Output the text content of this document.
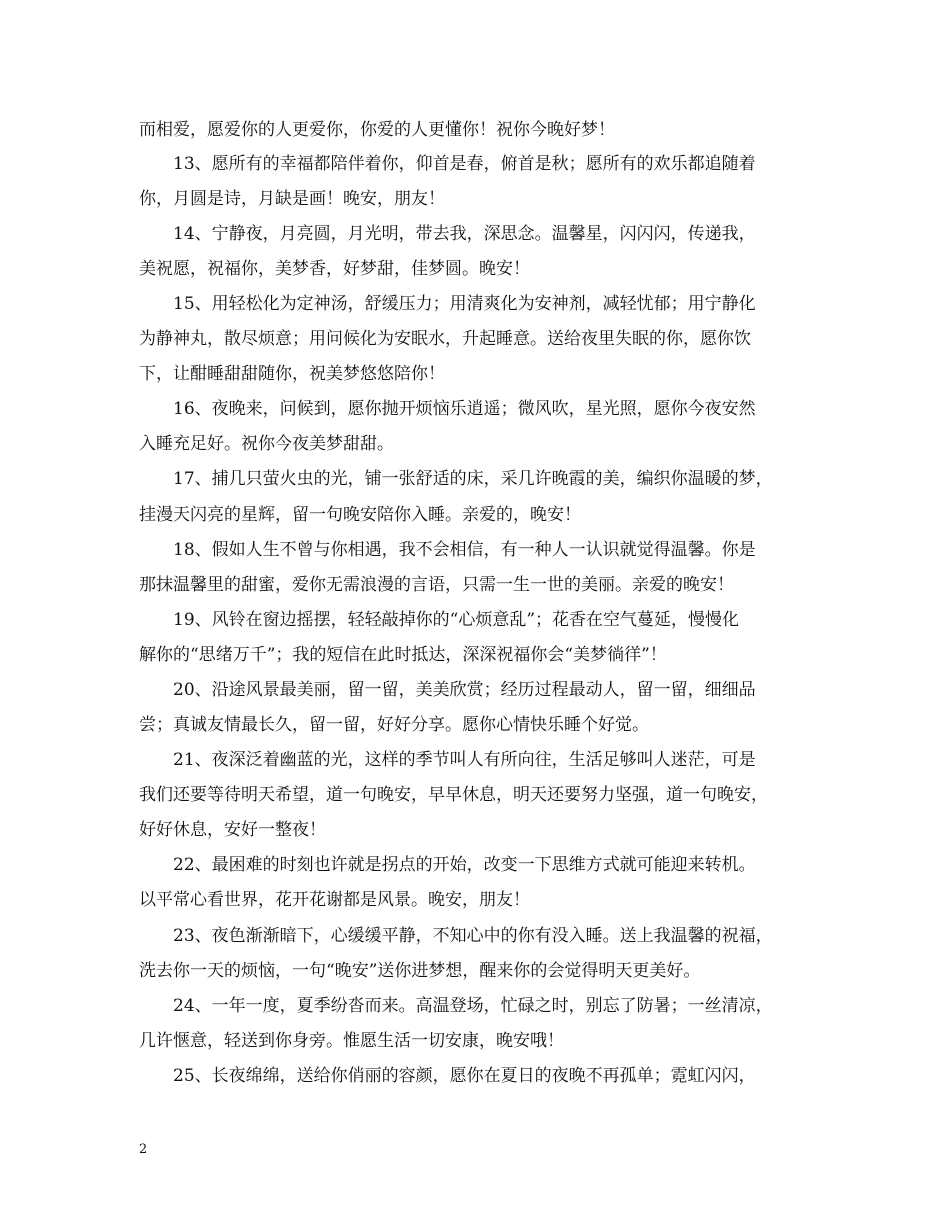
而相爱，愿爱你的人更爱你，你爱的人更懂你！祝你今晚好梦！
13、愿所有的幸福都陪伴着你，仰首是春，俯首是秋；愿所有的欢乐都追随着
你，月圆是诗，月缺是画！晚安，朋友！
14、宁静夜，月亮圆，月光明，带去我，深思念。温馨星，闪闪闪，传递我，
美祝愿，祝福你，美梦香，好梦甜，佳梦圆。晚安！
15、用轻松化为定神汤，舒缓压力；用清爽化为安神剂，减轻忧郁；用宁静化
为静神丸，散尽烦意；用问候化为安眠水，升起睡意。送给夜里失眠的你，愿你饮
下，让酣睡甜甜随你，祝美梦悠悠陪你！
16、夜晚来，问候到，愿你抛开烦恼乐逍遥；微风吹，星光照，愿你今夜安然
入睡充足好。祝你今夜美梦甜甜。
17、捕几只萤火虫的光，铺一张舒适的床，采几许晚霞的美，编织你温暖的梦，
挂漫天闪亮的星辉，留一句晚安陪你入睡。亲爱的，晚安！
18、假如人生不曾与你相遇，我不会相信，有一种人一认识就觉得温馨。你是
那抹温馨里的甜蜜，爱你无需浪漫的言语，只需一生一世的美丽。亲爱的晚安！
19、风铃在窗边摇摆，轻轻敲掉你的“心烦意乱”；花香在空气蔓延，慢慢化
解你的“思绪万千”；我的短信在此时抵达，深深祝福你会“美梦徜徉”！
20、沿途风景最美丽，留一留，美美欣赏；经历过程最动人，留一留，细细品
尝；真诚友情最长久，留一留，好好分享。愿你心情快乐睡个好觉。
21、夜深泛着幽蓝的光，这样的季节叫人有所向往，生活足够叫人迷茫，可是
我们还要等待明天希望，道一句晚安，早早休息，明天还要努力坚强，道一句晚安，
好好休息，安好一整夜！
22、最困难的时刻也许就是拐点的开始，改变一下思维方式就可能迎来转机。
以平常心看世界，花开花谢都是风景。晚安，朋友！
23、夜色渐渐暗下，心缓缓平静，不知心中的你有没入睡。送上我温馨的祝福，
洗去你一天的烦恼，一句“晚安”送你进梦想，醒来你的会觉得明天更美好。
24、一年一度，夏季纷沓而来。高温登场，忙碌之时，别忘了防暑；一丝清凉，
几许惬意，轻送到你身旁。惟愿生活一切安康，晚安哦！
25、长夜绵绵，送给你俏丽的容颜，愿你在夏日的夜晚不再孤单；霓虹闪闪，
2
